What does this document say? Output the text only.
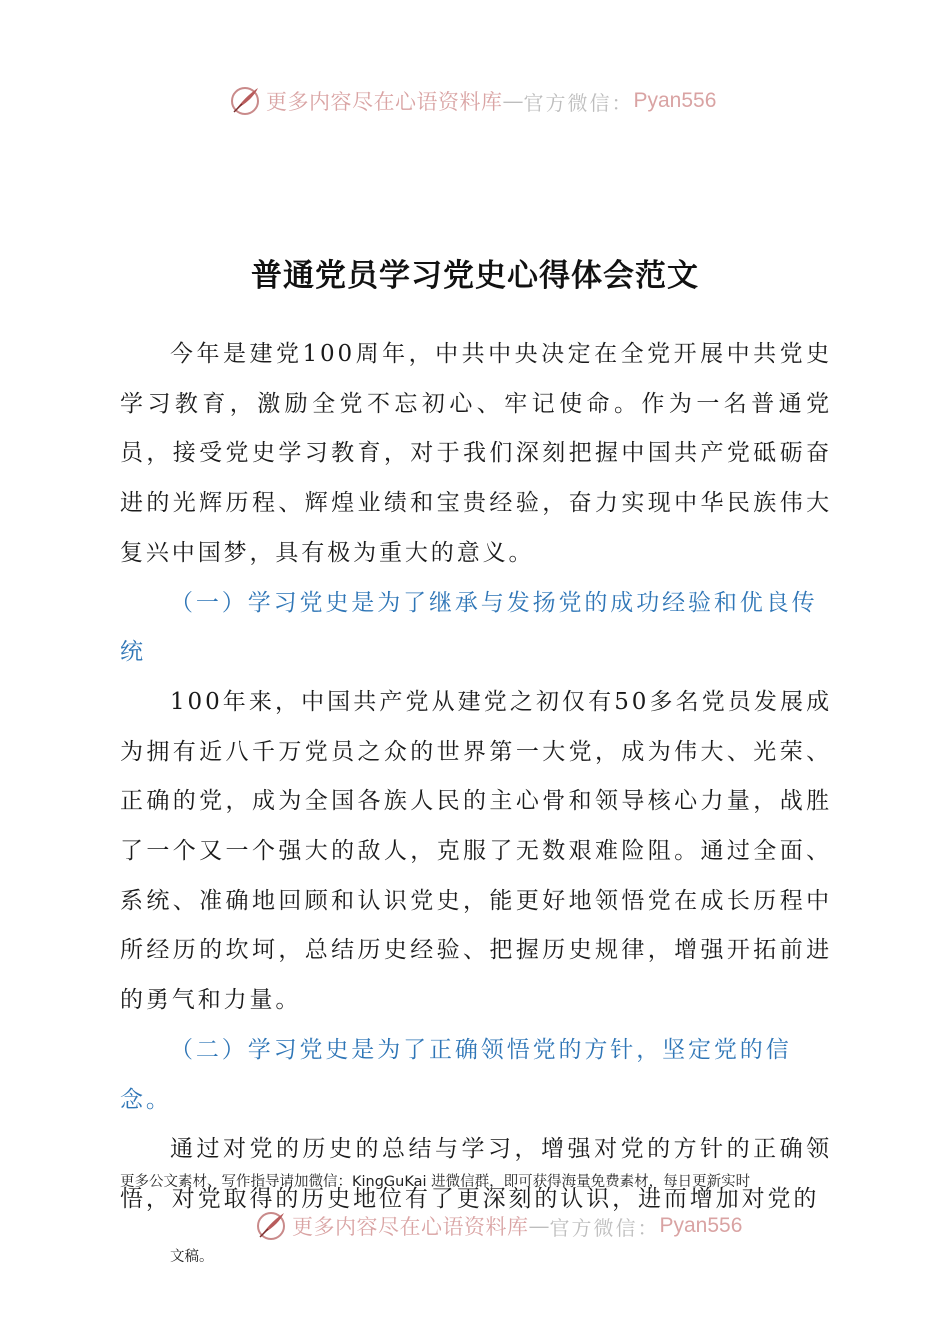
更多内容尽在心语资料库 — 官方微信： Pyan556
普通党员学习党史心得体会范文

今年是建党100周年，中共中央决定在全党开展中共党史学习教育，激励全党不忘初心、牢记使命。作为一名普通党员，接受党史学习教育，对于我们深刻把握中国共产党砥砺奋进的光辉历程、辉煌业绩和宝贵经验，奋力实现中华民族伟大复兴中国梦，具有极为重大的意义。

（一）学习党史是为了继承与发扬党的成功经验和优良传统

100年来，中国共产党从建党之初仅有50多名党员发展成为拥有近八千万党员之众的世界第一大党，成为伟大、光荣、正确的党，成为全国各族人民的主心骨和领导核心力量，战胜了一个又一个强大的敌人，克服了无数艰难险阻。通过全面、系统、准确地回顾和认识党史，能更好地领悟党在成长历程中所经历的坎坷，总结历史经验、把握历史规律，增强开拓前进的勇气和力量。

（二）学习党史是为了正确领悟党的方针，坚定党的信念。

通过对党的历史的总结与学习，增强对党的方针的正确领悟，对党取得的历史地位有了更深刻的认识，进而增加对党的

更多公文素材、写作指导请加微信：KingGuKai 进微信群，即可获得海量免费素材，每日更新实时
更多内容尽在心语资料库 — 官方微信： Pyan556
文稿。
